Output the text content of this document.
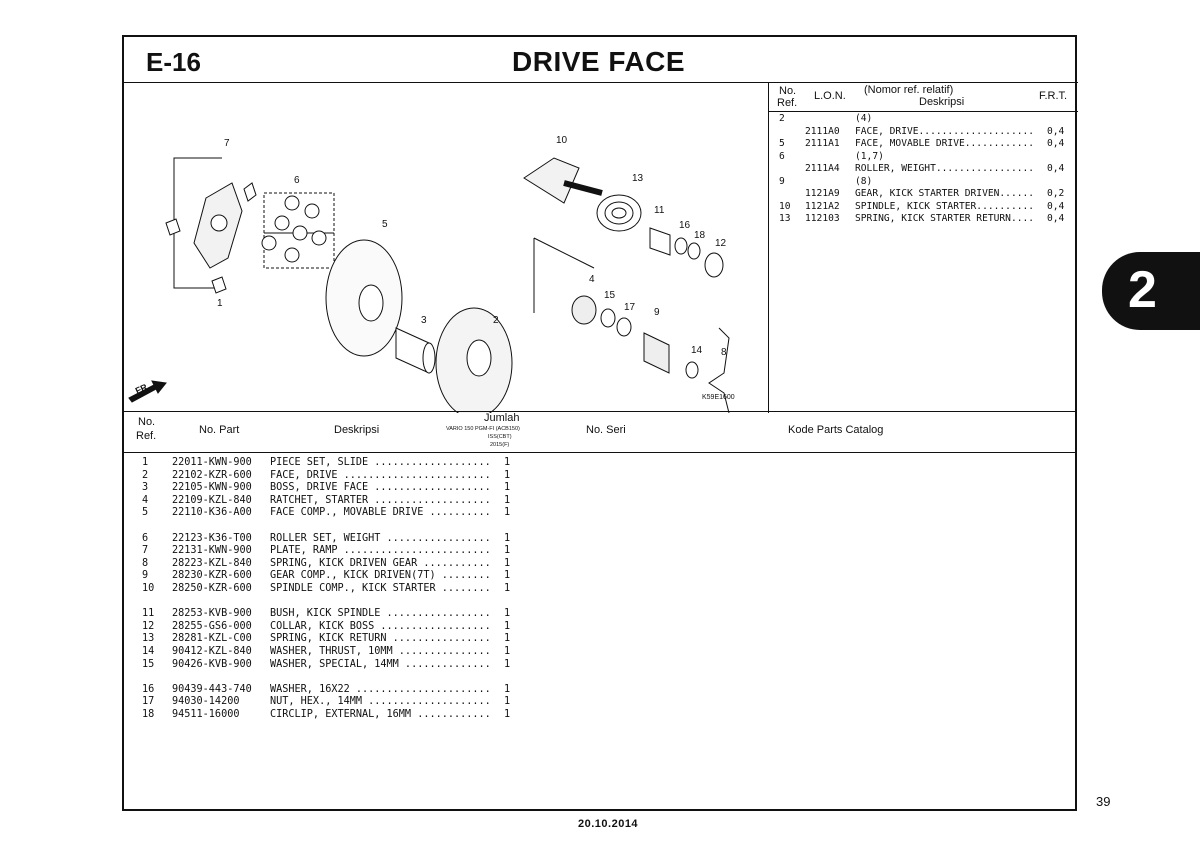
E-16	DRIVE FACE
7
1
6
5
3	2
10
13
11
16
18
12
4
15
17 9
14 8
FR.
K59E1600
No.
Ref.
L.O.N. (Nomor ref. relatif)
Deskripsi	F.R.T.
2	(4)
2111A0 FACE, DRIVE.................... 0,4
5 2111A1 FACE, MOVABLE DRIVE............ 0,4
6	(1,7)
2111A4 ROLLER, WEIGHT................. 0,4
9	(8)
1121A9 GEAR, KICK STARTER DRIVEN...... 0,2
10 1121A2 SPINDLE, KICK STARTER.......... 0,4
13 112103 SPRING, KICK STARTER RETURN.... 0,4
No.
Ref.	No. Part	Deskripsi
Jumlah
VARIO 150 PGM-FI (ACB150)
ISS(CBT)
2015(F)
No. Seri	Kode Parts Catalog
1 22011-KWN-900 PIECE SET, SLIDE ................... 1
2 22102-KZR-600 FACE, DRIVE ........................ 1
3 22105-KWN-900 BOSS, DRIVE FACE ................... 1
4 22109-KZL-840 RATCHET, STARTER ................... 1
5 22110-K36-A00 FACE COMP., MOVABLE DRIVE .......... 1
6 22123-K36-T00 ROLLER SET, WEIGHT ................. 1
7 22131-KWN-900 PLATE, RAMP ........................ 1
8 28223-KZL-840 SPRING, KICK DRIVEN GEAR ........... 1
9 28230-KZR-600 GEAR COMP., KICK DRIVEN(7T) ........ 1
10 28250-KZR-600 SPINDLE COMP., KICK STARTER ........ 1
11 28253-KVB-900 BUSH, KICK SPINDLE ................. 1
12 28255-GS6-000 COLLAR, KICK BOSS .................. 1
13 28281-KZL-C00 SPRING, KICK RETURN ................ 1
14 90412-KZL-840 WASHER, THRUST, 10MM ............... 1
15 90426-KVB-900 WASHER, SPECIAL, 14MM .............. 1
16 90439-443-740 WASHER, 16X22 ...................... 1
17 94030-14200	NUT, HEX., 14MM .................... 1
18 94511-16000	CIRCLIP, EXTERNAL, 16MM ............ 1
2
39
20.10.2014
